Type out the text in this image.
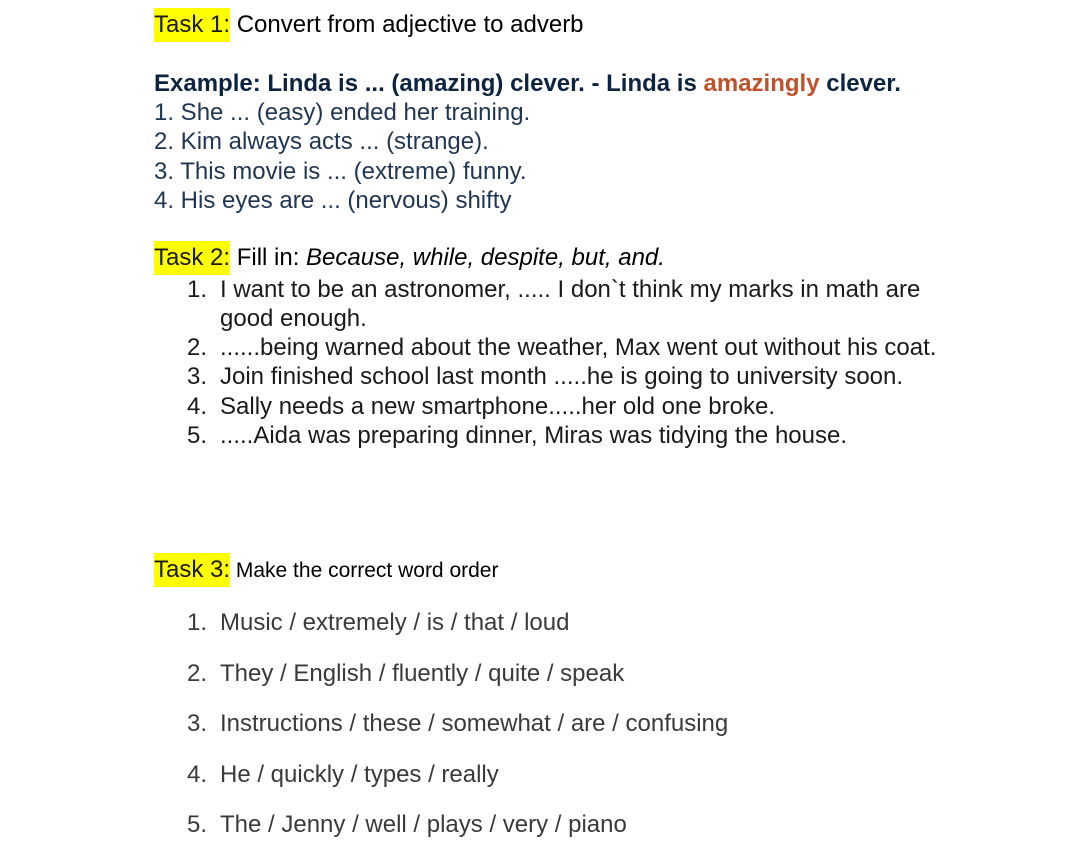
Task 1: Convert from adjective to adverb
Example: Linda is ... (amazing) clever. - Linda is amazingly clever.
1. She ... (easy) ended her training.
2. Kim always acts ... (strange).
3. This movie is ... (extreme) funny.
4. His eyes are ... (nervous) shifty
Task 2: Fill in: Because, while, despite, but, and.
1. I want to be an astronomer, ..... I don`t think my marks in math are
good enough.
2. ......being warned about the weather, Max went out without his coat.
3. Join finished school last month .....he is going to university soon.
4. Sally needs a new smartphone.....her old one broke.
5. .....Aida was preparing dinner, Miras was tidying the house.
Task 3: Make the correct word order
1. Music / extremely / is / that / loud
2. They / English / fluently / quite / speak
3. Instructions / these / somewhat / are / confusing
4. He / quickly / types / really
5. The / Jenny / well / plays / very / piano
